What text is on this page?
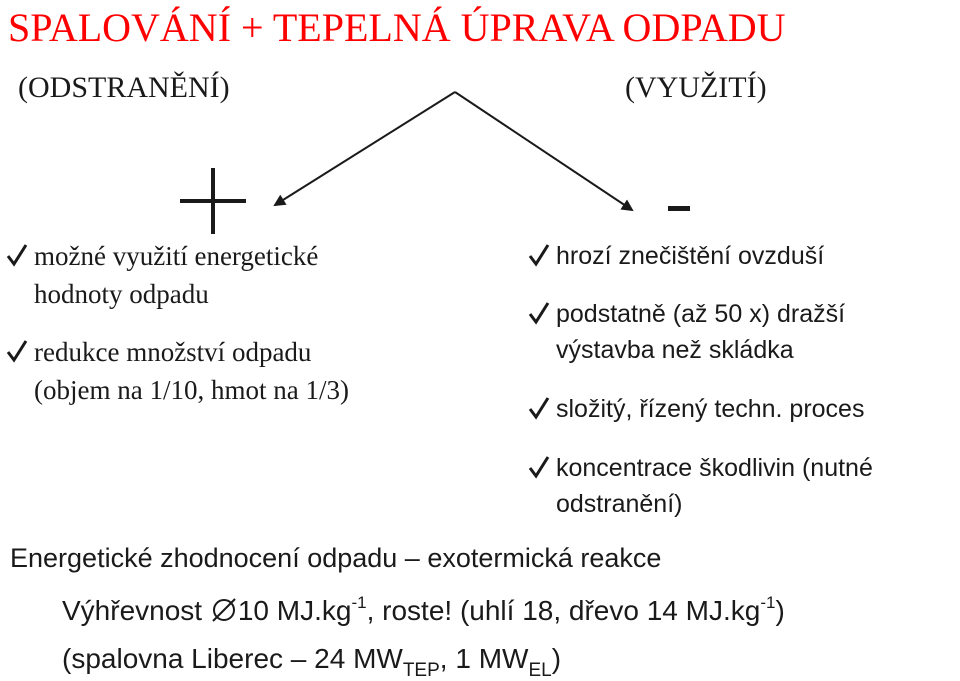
SPALOVÁNÍ + TEPELNÁ ÚPRAVA ODPADU
(ODSTRANĚNÍ)	(VYUŽITÍ)
možné využití energetické
hodnoty odpadu
redukce množství odpadu
(objem na 1/10, hmot na 1/3)
hrozí znečištění ovzduší
podstatně (až 50 x) dražší
výstavba než skládka
složitý, řízený techn. proces
koncentrace škodlivin (nutné
odstranění)
Energetické zhodnocení odpadu – exotermická reakce
Výhřevnost 10 $MJ.kg^{-1}$, roste! (uhlí 18, dřevo 14 $MJ.kg^{-1}$)
(spalovna Liberec – 24 $MW_{TEP}$, 1 $MW_{EL}$)
